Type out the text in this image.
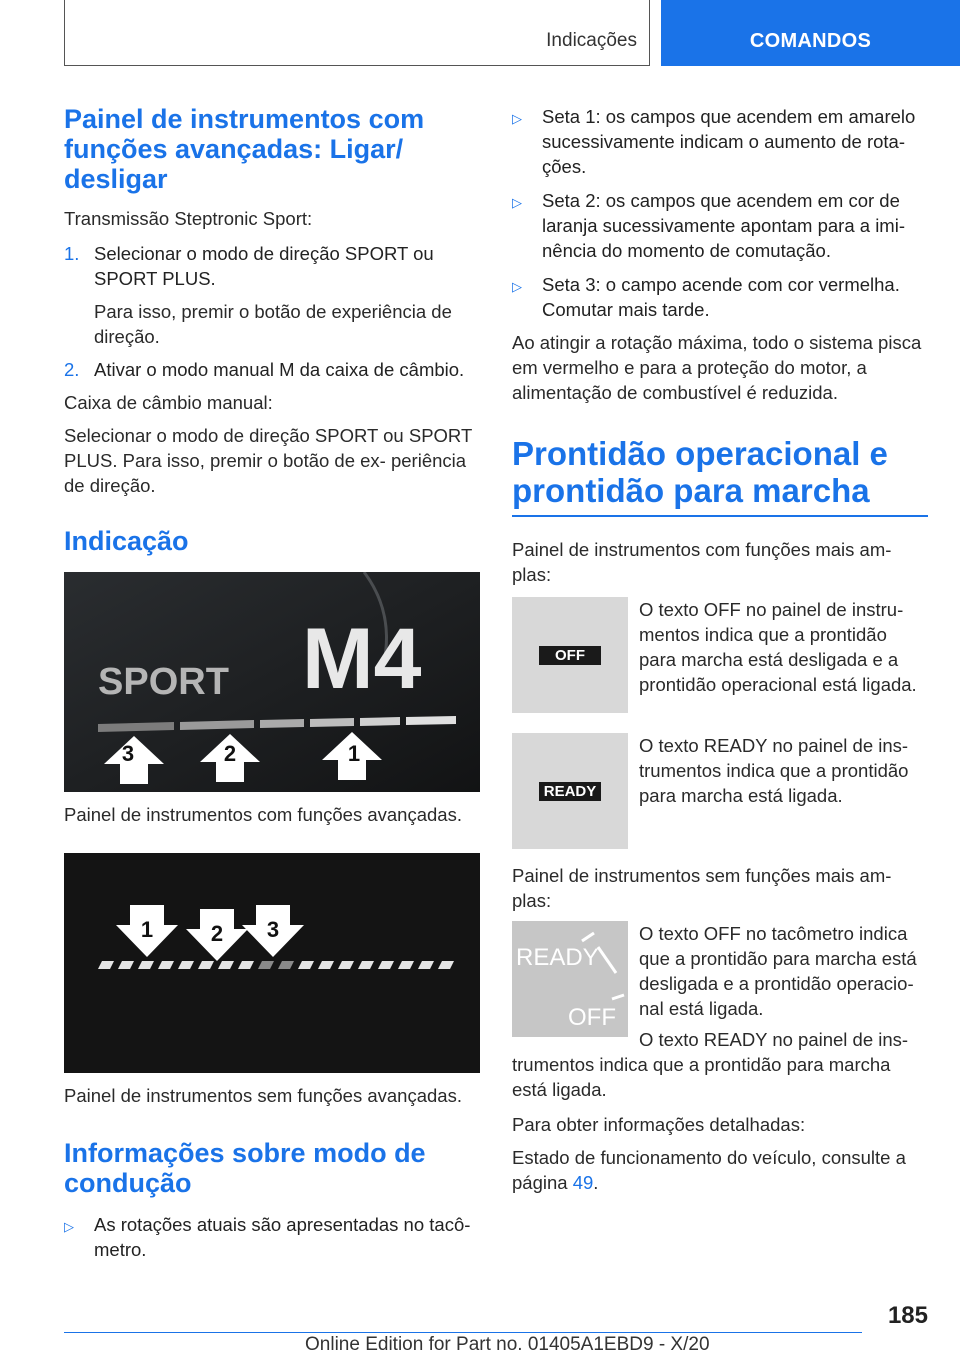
Indicações	COMANDOS
Painel de instrumentos com funções avançadas: Ligar/ desligar
Transmissão Steptronic Sport:
1. Selecionar o modo de direção SPORT ou SPORT PLUS.
Para isso, premir o botão de experiência de direção.
2. Ativar o modo manual M da caixa de câmbio.
Caixa de câmbio manual:
Selecionar o modo de direção SPORT ou SPORT PLUS. Para isso, premir o botão de ex- periência de direção.
Indicação
SPORT M4
3	2	1
Painel de instrumentos com funções avançadas.
1	2 3
Painel de instrumentos sem funções avançadas.
Informações sobre modo de condução
▷	As rotações atuais são apresentadas no tacô- metro.
▷	Seta 1: os campos que acendem em amarelo sucessivamente indicam o aumento de rota- ções.
▷	Seta 2: os campos que acendem em cor de laranja sucessivamente apontam para a imi- nência do momento de comutação.
▷	Seta 3: o campo acende com cor vermelha. Comutar mais tarde.
Ao atingir a rotação máxima, todo o sistema pisca em vermelho e para a proteção do motor, a alimentação de combustível é reduzida.
Prontidão operacional e prontidão para marcha
Painel de instrumentos com funções mais am- plas:
OFF
O texto OFF no painel de instru- mentos indica que a prontidão para marcha está desligada e a prontidão operacional está ligada.
READY
O texto READY no painel de ins- trumentos indica que a prontidão para marcha está ligada.
Painel de instrumentos sem funções mais am- plas:
READY
OFF
O texto OFF no tacômetro indica que a prontidão para marcha está desligada e a prontidão operacio- nal está ligada.
O texto READY no painel de ins- trumentos indica que a prontidão para marcha está ligada.
Para obter informações detalhadas:
Estado de funcionamento do veículo, consulte a página 49.
185
Online Edition for Part no. 01405A1EBD9 - X/20
